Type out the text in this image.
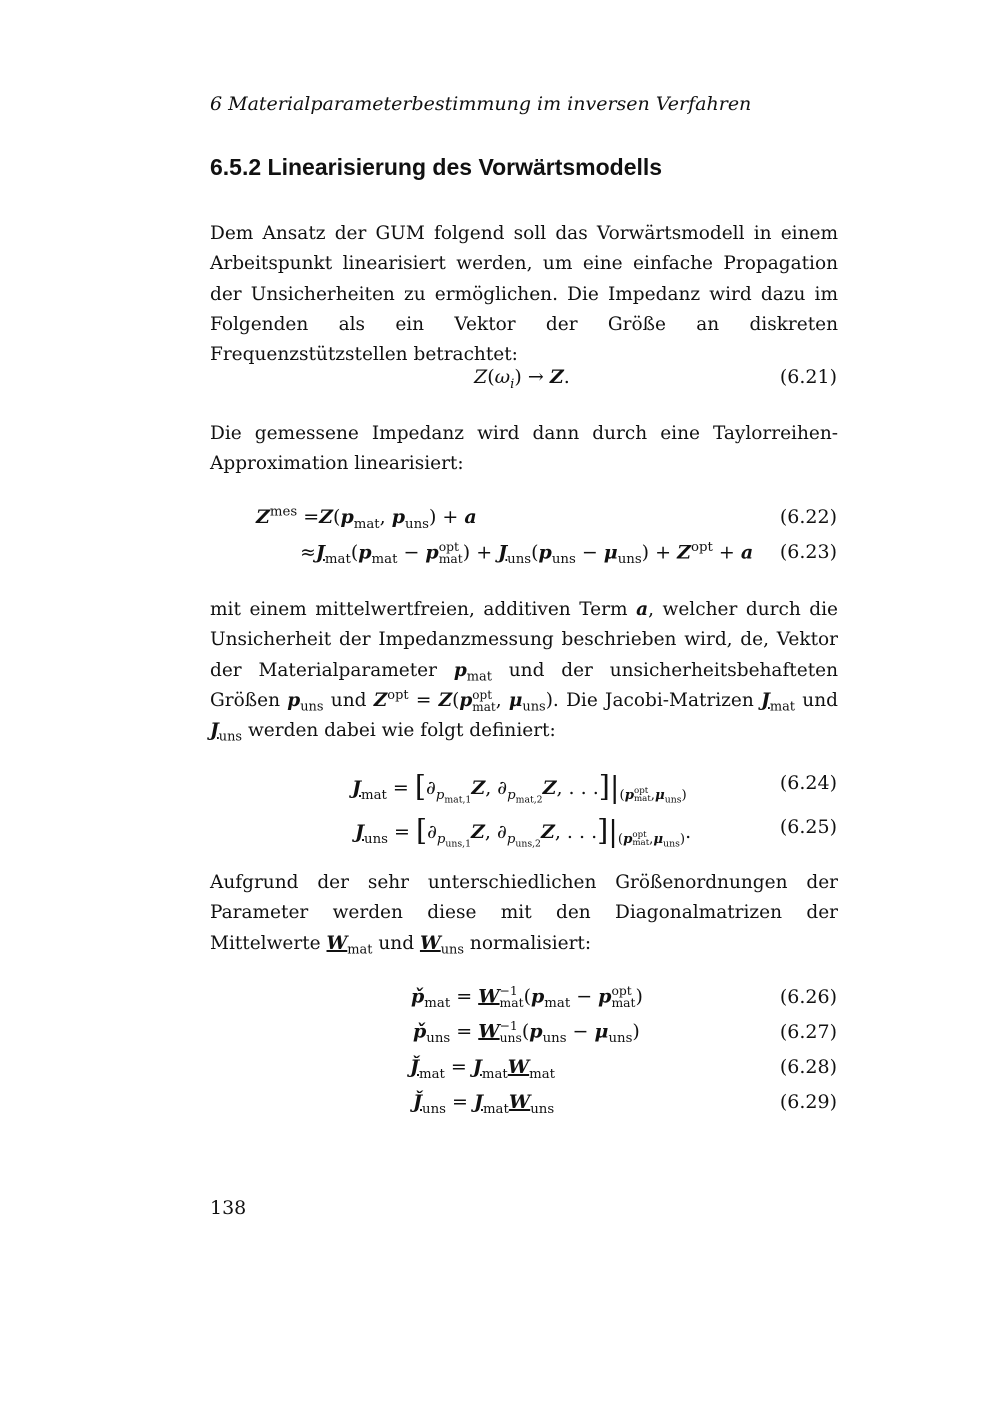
6 Materialparameterbestimmung im inversen Verfahren
6.5.2 Linearisierung des Vorwärtsmodells

Dem Ansatz der GUM folgend soll das Vorwärtsmodell in einem Arbeitspunkt linearisiert werden, um eine einfache Propagation der Unsicherheiten zu ermöglichen. Die Impedanz wird dazu im Folgenden als ein Vektor der Größe an diskreten Frequenzstützstellen betrachtet:

$Z(\omega_i) \to Z$.	(6.21)

Die gemessene Impedanz wird dann durch eine Taylorreihen-Approximation linearisiert:

$Z^{mes} =Z(p_{mat}$, $p_{uns}) + a$	(6.22)
$\approx J_{mat}(p_{mat} - p$ opt
mat ) + $J_{uns}(p_{uns} - \mu_{uns}) + Z^{opt} + a$ (6.23)

mit einem mittelwertfreien, additiven Term a, welcher durch die Unsicherheit der Impedanzmessung beschrieben wird, de, Vektor der Materialparameter $p_{mat}$ und der unsicherheitsbehafteten Größen $p_{uns}$ und $Z^{opt} = Z(p$ opt
mat , $\mu_{uns}$). Die Jacobi-Matrizen $J_{mat}$ und $J_{uns}$ werden dabei wie folgt definiert:

$J_{mat} = [\partial_{p_{mat,1}}Z$, $\partial_{p_{mat,2}}Z$, . . $.]|_{(p opt mat ,\mu_{uns})}$
(6.24)
$J_{uns} = [\partial_{p_{uns,1}}Z$, $\partial_{p_{uns,2}}Z$, . . $.]|_{(p opt mat ,\mu_{uns})}$.	(6.25)

Aufgrund der sehr unterschiedlichen Größenordnungen der Parameter werden diese mit den Diagonalmatrizen der Mittelwerte $W_{mat}$ und $W_{uns}$ normalisiert:

$p̌_{mat} = W -1$
mat ($p_{mat} - p$ opt
mat )	(6.26)
$p̌_{uns} = W -1$
uns $(p_{uns} - \mu_{uns})$	(6.27)
$J̌_{mat} = J_{mat}W_{mat}$	(6.28)
$J̌_{uns} = J_{mat}W_{uns}$	(6.29)
138
